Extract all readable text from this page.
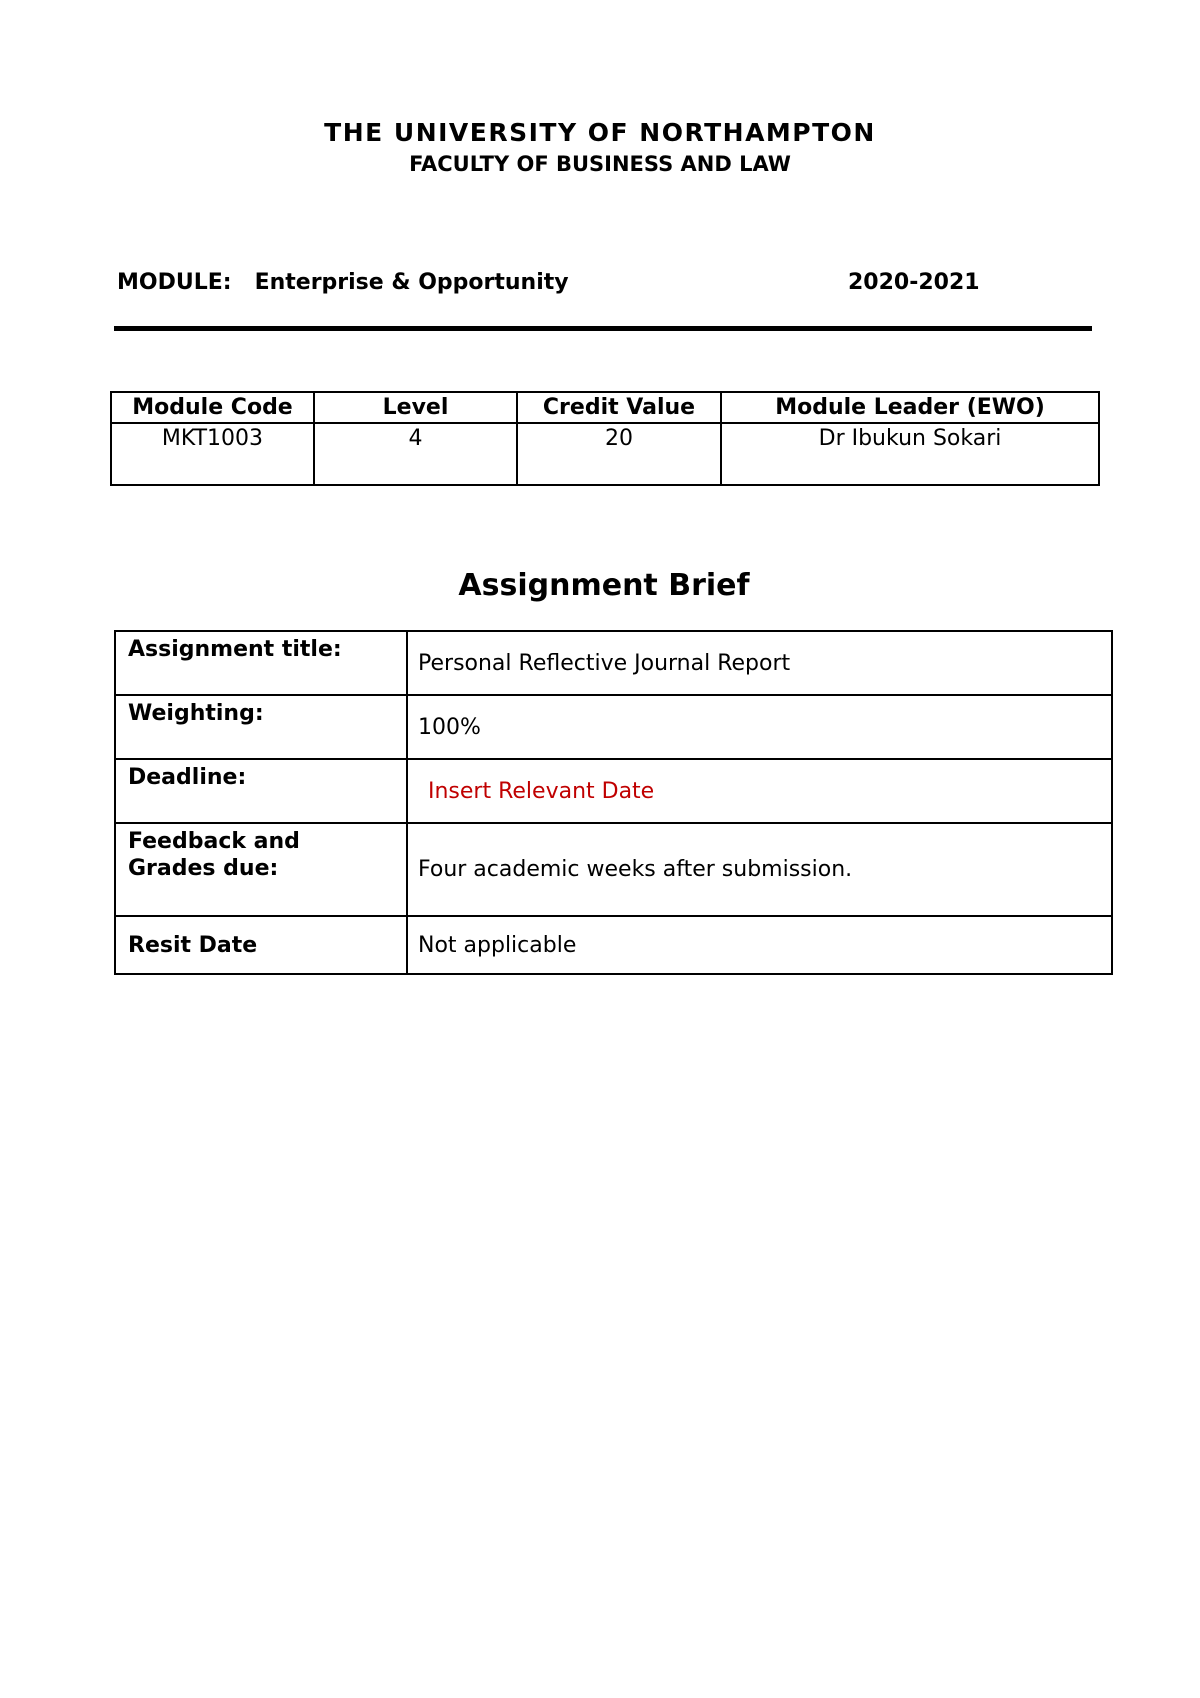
THE UNIVERSITY OF NORTHAMPTON
FACULTY OF BUSINESS AND LAW
MODULE: Enterprise & Opportunity	2020-2021
Module Code	Level	Credit Value	Module Leader (EWO)
MKT1003	4	20	Dr Ibukun Sokari
Assignment Brief
Assignment title:	Personal Reflective Journal Report
Weighting:	100%
Deadline:	Insert Relevant Date
Feedback and
Grades due:	Four academic weeks after submission.
Resit Date	Not applicable
